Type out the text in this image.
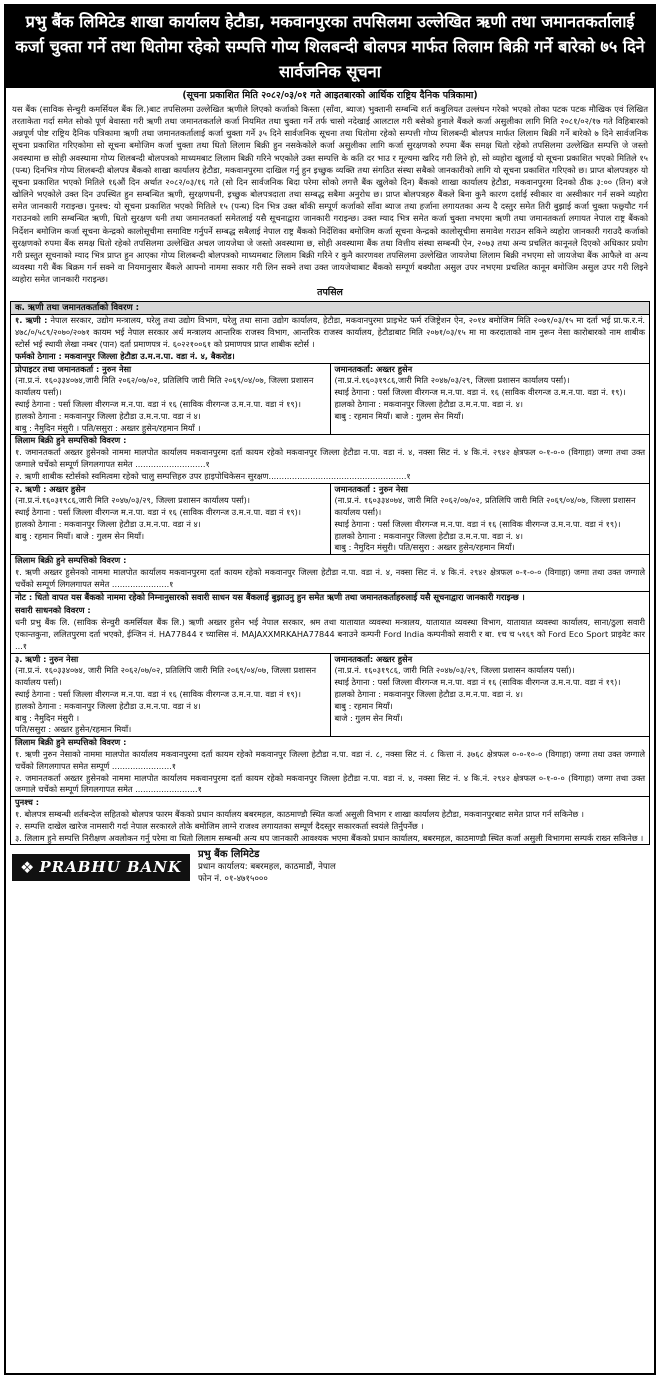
प्रभु बैंक लिमिटेड शाखा कार्यालय हेटौडा, मकवानपुरका तपसिलमा उल्लेखित ऋणी तथा जमानतकर्तालाई कर्जा चुक्ता गर्ने तथा धितोमा रहेको सम्पत्ति गोप्य शिलबन्दी बोलपत्र मार्फत लिलाम बिक्री गर्ने बारेको ७५ दिने सार्वजनिक सूचना
(सूचना प्रकाशित मिति २०८२/०३/०१ गते आइतबारको आर्थिक राष्ट्रिय दैनिक पत्रिकामा)
यस बैंक (साविक सेन्चुरी कमर्सियल बैंक लि.)बाट तपसिलमा उल्लेखित ऋणीले लिएको कर्जाको किस्ता (साँवा, ब्याज) भुक्तानी सम्बन्धि शर्त कबुलियत उल्लंघन गरेको भएको तोका पटक पटक मौखिक एवं लिखित तरताकेता गर्दा समेत सोको पूर्ण बेवास्ता गरी ऋणी तथा जमानतकर्ताले कर्जा नियमित तथा चुक्ता गर्ने तर्फ चासो नदेखाई आलटाल गरी बसेको हुनाले बैंकले कर्जा असुलीका लागि मिति २०८१/०२/१७ गते विहिबारको अन्नपूर्ण पोष्ट राष्ट्रिय दैनिक पत्रिकामा ऋणी तथा जमानतकर्तालाई कर्जा चुक्ता गर्ने ३५ दिने सार्वजनिक सूचना तथा धितोमा रहेको सम्पत्ती गोप्य शिलबन्दी बोलपत्र मार्फत लिलाम बिक्री गर्ने बारेको ७ दिने सार्वजनिक सूचना प्रकाशित गरिएकोमा सो सूचना बमोजिम कर्जा चुक्ता तथा धितो लिलाम बिक्री हुन नसकेकोले कर्जा असुलीका लागि कर्जा सुरक्षणको रुपमा बैंक समक्ष धितो रहेको तपसिलमा उल्लेखित सम्पत्ति जे जस्तो अवस्थामा छ सोही अवस्थामा गोप्य शिलबन्दी बोलपत्रको माध्यमबाट लिलाम बिक्री गरिने भएकोले उक्त सम्पत्ति के कति दर भाउ र मूल्यमा खरिद गरी लिने हो, सो व्यहोरा खुलाई यो सूचना प्रकाशित भएको मितिले १५ (पन्ध) दिनभित्र गोप्य शिलबन्दी बोलपत्र बैंकको शाखा कार्यालय हेटौडा, मकवानपुरमा दाखिल गर्नु हुन इच्छुक व्यक्ति तथा संगठित संस्था सबैको जानकारीको लागि यो सूचना प्रकाशित गरिएको छ। प्राप्त बोलपत्रहरु यो सूचना प्रकाशित भएको मितिले १६औं दिन अर्थात २०८२/०३/१६ गते (सो दिन सार्वजनिक बिदा परेमा सोको लगत्तै बैंक खुलेको दिन) बैंकको शाखा कार्यालय हेटौडा, मकवानपुरमा दिनको ठीक ३:०० (तिन) बजे खोलिने भएकोले उक्त दिन उपस्थित हुन सम्बन्धित ऋणी, सुरक्षणधनी, इच्छुक बोलपत्रदाता तथा सम्बद्ध सबैमा अनुरोध छ। प्राप्त बोलपत्रहरु बैंकले बिना कुनै कारण दर्शाई स्वीकार वा अस्वीकार गर्न सक्ने व्यहोरा समेत जानकारी गराइन्छ। पुनश्च: यो सूचना प्रकाशित भएको मितिले १५ (पन्ध) दिन भित्र उक्त बाँकी सम्पूर्ण कर्जाको साँवा ब्याज तथा हर्जाना लगायतका अन्य दै दस्तुर समेत तिरी बुझाई कर्जा चुक्ता फछ्र्यौट गर्न गराउनको लागि सम्बन्धित ऋणी, धितो सुरक्षण धनी तथा जमानतकर्ता समेतलाई यसै सूचनाद्वारा जानकारी गराइन्छ। उक्त म्याद भित्र समेत कर्जा चुक्ता नभएमा ऋणी तथा जमानतकर्ता लगायत नेपाल राष्ट्र बैंकको निर्देशन बमोजिम कर्जा सूचना केन्द्रको कालोसूचीमा समाविष्ट गर्नुपर्ने सम्बद्ध सबैलाई नेपाल राष्ट्र बैंकको निर्देशिका बमोजिम कर्जा सूचना केन्द्रको कालोसूचीमा समावेश गराउन सकिने व्यहोरा जानकारी गराउदै कर्जाको सुरक्षणको रुपमा बैंक समक्ष धितो रहेको तपसिलमा उल्लेखित अचल जायजेथा जे जस्तो अवस्थामा छ, सोही अवस्थामा बैंक तथा वित्तीय संस्था सम्बन्धी ऐन, २०७३ तथा अन्य प्रचलित कानूनले दिएको अधिकार प्रयोग गरी प्रस्तुत सूचनाको म्याद भित्र प्राप्त हुन आएका गोप्य शिलबन्दी बोलपत्रको माध्यमबाट लिलाम बिक्री गरिने र कुनै कारणवश तपसिलमा उल्लेखित जायजेथा लिलाम बिक्री नभएमा सो जायजेथा बैंक आफैले वा अन्य व्यवस्था गरी बैंक बिक्रम गर्न सक्ने वा नियमानुसार बैंकले आफ्नो नाममा सकार गरी लिन सक्ने तथा उक्त जायजेथाबाट बैंकको सम्पूर्ण बक्यौता असुल उपर नभएमा प्रचलित कानून बमोजिम असुल उपर गरी लिइने व्यहोरा समेत जानकारी गराइन्छ।
तपसिल
क. ऋणी तथा जमानतकर्ताको विवरण :
१. ऋणी : नेपाल सरकार, उद्योग मन्त्रालय, घरेलु तथा उद्योग विभाग, घरेलु तथा साना उद्योग कार्यालय, हेटौडा, मकवानपुरमा प्राइभेट फर्म रजिष्ट्रेशन ऐन, २०१४ बमोजिम मिति २०७१/०३/१५ मा दर्ता भई प्रा.फ.र.नं. ४७८/०/५८९/२०७०/२०७१ कायम भई नेपाल सरकार अर्थ मन्त्रालय आन्तरिक राजस्व विभाग, आन्तरिक राजस्व कार्यालय, हेटौडाबाट मिति २०७१/०३/१५ मा मा करदाताको नाम नुरून नेसा कारोबारको नाम शाबीक स्टोर्स भई स्थायी लेखा नम्बर (पान) दर्ता प्रमाणपत्र नं. ६०२२१००६१ को प्रमाणपत्र प्राप्त शाबीक स्टोर्स ।
फर्मको ठेगाना : मकवानपुर जिल्ला हेटौडा उ.म.न.पा. वडा नं. ४, बैकरोड।
प्रोपाइटर तथा जमानतकर्ता : नुरुन नेसा
(ना.प्र.नं. १६०३३४०७४,जारी मिति २०६२/०७/०२, प्रतिलिपि जारी मिति २०६९/०४/०७, जिल्ला प्रशासन कार्यालय पर्सा)।
स्थाई ठेगाना : पर्सा जिल्ला वीरगन्ज म.न.पा. वडा नं १६ (साविक वीरगन्ज उ.म.न.पा. वडा नं १९)।
हालको ठेगाना : मकवानपुर जिल्ला हेटौडा उ.म.न.पा. वडा नं ४।
बाबु : नैमुदिन मंसुरी । पति/ससुरा : अख्तर हुसेन/रहमान मियाँ ।
जमानतकर्ता: अख्तर हुसेन
(ना.प्र.नं.१६०३१९८६,जारी मिति २०४७/०३/२९, जिल्ला प्रशासन कार्यालय पर्सा)।
स्थाई ठेगाना : पर्सा जिल्ला वीरगन्ज म.न.पा. वडा नं. १६ (साविक वीरगन्ज उ.म.न.पा. वडा नं. १९)।
हालको ठेगाना : मकवानपुर जिल्ला हेटौडा उ.म.न.पा. वडा नं. ४।
बाबु : रहमान मियाँ। बाजे : गुलम सेन मियाँ।
लिलाम बिक्री हुने सम्पत्तिको विवरण :
१. जमानतकर्ता अख्तर हुसेनको नाममा मालपोत कार्यालय मकवानपुरमा दर्ता कायम रहेको मकवानपुर जिल्ला हेटौडा न.पा. वडा नं. ४, नक्सा सिट नं. ४ कि.नं. २९४२ क्षेत्रफल ०-१-०-० (विगाहा) जग्गा तथा उक्त जग्गाले चर्चेको सम्पूर्ण लिगलगापत समेत ...........................१
२. ऋणी शाबीक स्टोर्सको स्वमित्वमा रहेको चालु सम्पत्तिहरु उपर हाइपोथिकेसन सुरक्षण.....................................................१
२. ऋणी : अख्तर हुसेन
(ना.प्र.नं.१६०३१९८६,जारी मिति २०४७/०३/२९, जिल्ला प्रशासन कार्यालय पर्सा)।
स्थाई ठेगाना : पर्सा जिल्ला वीरगन्ज म.न.पा. वडा नं १६ (साविक वीरगन्ज उ.म.न.पा. वडा नं १९)।
हालको ठेगाना : मकवानपुर जिल्ला हेटौडा उ.म.न.पा. वडा नं ४।
बाबु : रहमान मियाँ। बाजे : गुलम सेन मियाँ।
जमानतकर्ता : नुरुन नेसा
(ना.प्र.नं. १६०३३४०७४, जारी मिति २०६२/०७/०२, प्रतिलिपि जारी मिति २०६९/०४/०७, जिल्ला प्रशासन कार्यालय पर्सा)।
स्थाई ठेगाना : पर्सा जिल्ला वीरगन्ज म.न.पा. वडा नं १६ (साविक वीरगन्ज उ.म.न.पा. वडा नं १९)।
हालको ठेगाना : मकवानपुर जिल्ला हेटौडा उ.म.न.पा. वडा नं. ४।
बाबु : नैमुदिन मंसुरी। पति/ससुरा : अख्तर हुसेन/रहमान मियाँ।
लिलाम बिक्री हुने सम्पत्तिको विवरण :
१. ऋणी अख्तर हुसेनको नाममा मालपोत कार्यालय मकवानपुरमा दर्ता कायम रहेको मकवानपुर जिल्ला हेटौडा न.पा. वडा नं. ४, नक्सा सिट नं. ४ कि.नं. २९४२ क्षेत्रफल ०-१-०-० (विगाहा) जग्गा तथा उक्त जग्गाले चर्चेको सम्पूर्ण लिगलगापत समेत ......................१
नोट : धितो वापत यस बैंकको नाममा रहेको निम्नानुसारको सवारी साधन यस बैंकलाई बुझाउनु हुन समेत ऋणी तथा जमानतकर्ताहरुलाई यसै सूचनाद्वारा जानकारी गराइन्छ ।
सवारी साधनको विवरण :
धनी प्रभु बैंक लि. (साविक सेन्चुरी कमर्सियल बैंक लि.) ऋणी अख्तर हुसेन भई नेपाल सरकार, श्रम तथा यातायात व्यवस्था मन्त्रालय, यातायात व्यवस्था विभाग, यातायात व्यवस्था कार्यालय, साना/ठुला सवारी एकान्तकुना, ललितपुरमा दर्ता भएको, ईन्जिन नं. HA77844 र च्यासिस नं. MAJAXXMRKAHA77844 बनाउने कम्पनी Ford India कम्पनीको सवारी र बा. १च च ५१६९ को Ford Eco Sport प्राइवेट कार ...१
३. ऋणी : नुरुन नेसा
(ना.प्र.नं. १६०३३४०७४, जारी मिति २०६२/०७/०२, प्रतिलिपि जारी मिति २०६९/०४/०७, जिल्ला प्रशासन कार्यालय पर्सा)।
स्थाई ठेगाना : पर्सा जिल्ला वीरगन्ज म.न.पा. वडा नं १६ (साविक वीरगन्ज उ.म.न.पा. वडा नं १९)।
हालको ठेगाना : मकवानपुर जिल्ला हेटौडा उ.म.न.पा. वडा नं ४।
बाबु : नैमुदिन मंसुरी ।
पति/ससुरा : अख्तर हुसेन/रहमान मियाँ।
जमानतकर्ता: अख्तर हुसेन
(ना.प्र.नं. १६०३१९८६, जारी मिति २०४७/०३/२९, जिल्ला प्रशासन कार्यालय पर्सा)।
स्थाई ठेगाना : पर्सा जिल्ला वीरगन्ज म.न.पा. वडा नं १६ (साविक वीरगन्ज उ.म.न.पा. वडा नं १९)।
हालको ठेगाना : मकवानपुर जिल्ला हेटौडा उ.म.न.पा. वडा नं. ४।
बाबु : रहमान मियाँ।
बाजे : गुलम सेन मियाँ।
लिलाम बिक्री हुने सम्पत्तिको विवरण :
१. ऋणी नुरुन नेसाको नाममा मालपोत कार्यालय मकवानपुरमा दर्ता कायम रहेको मकवानपुर जिल्ला हेटौडा न.पा. वडा नं. ८, नक्सा सिट नं. ८ कित्ता नं. ३७६८ क्षेत्रफल ०-०-१०-० (विगाहा) जग्गा तथा उक्त जग्गाले चर्चेको लिगलगापत समेत सम्पूर्ण .......................१
२. जमानतकर्ता अख्तर हुसेनको नाममा मालपोत कार्यालय मकवानपुरमा दर्ता कायम रहेको मकवानपुर जिल्ला हेटौडा न.पा. वडा नं. ४, नक्सा सिट नं. ४ कि.नं. २९४२ क्षेत्रफल ०-१-०-० (विगाहा) जग्गा तथा उक्त जग्गाले चर्चेको सम्पूर्ण लिगलगापत समेत ........................१
पुनश्च :
१. बोलपत्र सम्बन्धी शर्तबन्देज सहितको बोलपत्र फारम बैंकको प्रधान कार्यालय बबरमहल, काठमाण्डौ स्थित कर्जा असुली विभाग र शाखा कार्यालय हेटौडा, मकवानपुरबाट समेत प्राप्त गर्न सकिनेछ ।
२. सम्पत्ति दाखेल खारेज नामसारी गर्दा नेपाल सरकारले तोके बमोजिम लाग्ने राजश्व लगायतका सम्पूर्ण दैदस्तुर सकारकर्ता स्वयंले तिर्नुपर्नेछ ।
३. लिलाम हुने सम्पत्ति निरीक्षण अवलोकन गर्नु परेमा वा धितो लिलाम सम्बन्धी अन्य थप जानकारी आवश्यक भएमा बैंकको प्रधान कार्यालय, बबरमहल, काठमाण्डौ स्थित कर्जा असुली विभागमा सम्पर्क राख्न सकिनेछ ।
❖ PRABHU BANK
प्रभु बैंक लिमिटेड
प्रधान कार्यालय: बबरमहल, काठमाडौं, नेपाल
फोन नं. ०१-४७१५०००
